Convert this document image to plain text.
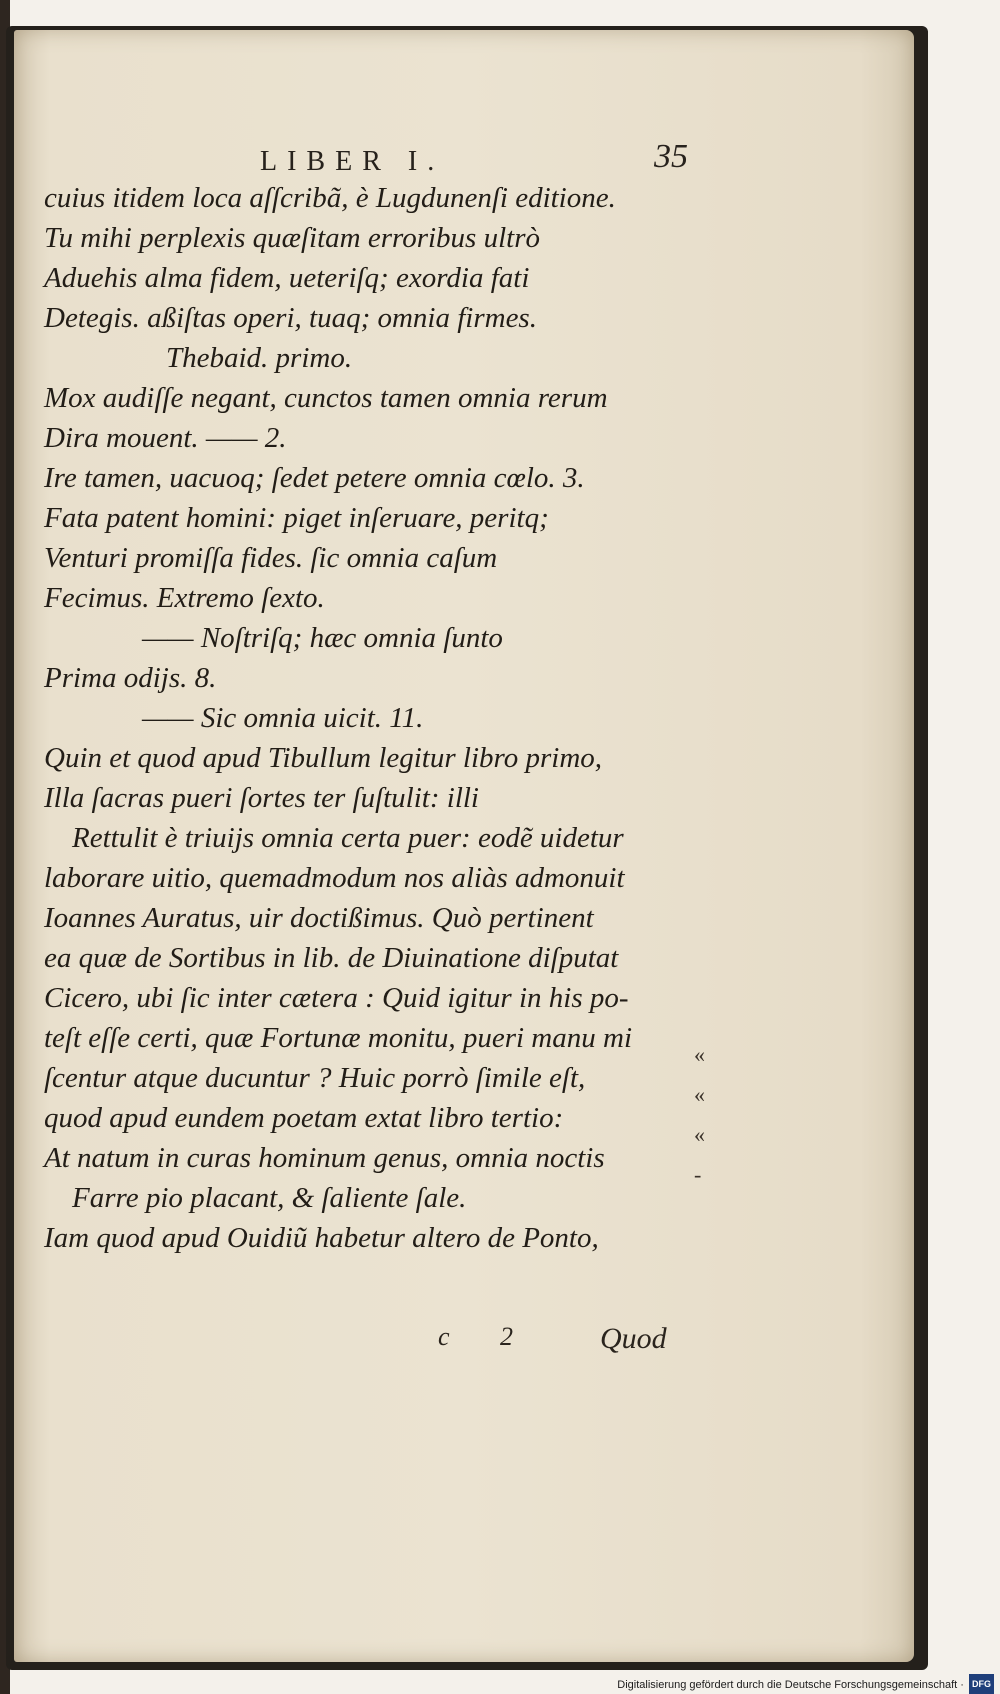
LIBER I.	35
cuius itidem loca aſſcribã, è Lugdunenſi editione.
Tu mihi perplexis quæſitam erroribus ultrò
Aduehis alma fidem, ueteriſq; exordia fati
Detegis. aßiſtas operi, tuaq; omnia firmes.
Thebaid. primo.
Mox audiſſe negant, cunctos tamen omnia rerum
Dira mouent. —— 2.
Ire tamen, uacuoq; ſedet petere omnia cœlo. 3.
Fata patent homini: piget inſeruare, peritq;
Venturi promiſſa fides. ſic omnia caſum
Fecimus. Extremo ſexto.
—— Noſtriſq; hæc omnia ſunto
Prima odijs. 8.
—— Sic omnia uicit. 11.
Quin et quod apud Tibullum legitur libro primo,
Illa ſacras pueri ſortes ter ſuſtulit: illi
Rettulit è triuijs omnia certa puer: eodẽ uidetur
laborare uitio, quemadmodum nos aliàs admonuit
Ioannes Auratus, uir doctißimus. Quò pertinent
ea quæ de Sortibus in lib. de Diuinatione diſputat
Cicero, ubi ſic inter cætera : Quid igitur in his po-
teſt eſſe certi, quæ Fortunæ monitu, pueri manu mi
ſcentur atque ducuntur ? Huic porrò ſimile eſt,
quod apud eundem poetam extat libro tertio:
At natum in curas hominum genus, omnia noctis
Farre pio placant, & ſaliente ſale.
Iam quod apud Ouidiũ habetur altero de Ponto,
«
«
«
-
c 2 Quod
Digitalisierung gefördert durch die Deutsche Forschungsgemeinschaft · DFG
